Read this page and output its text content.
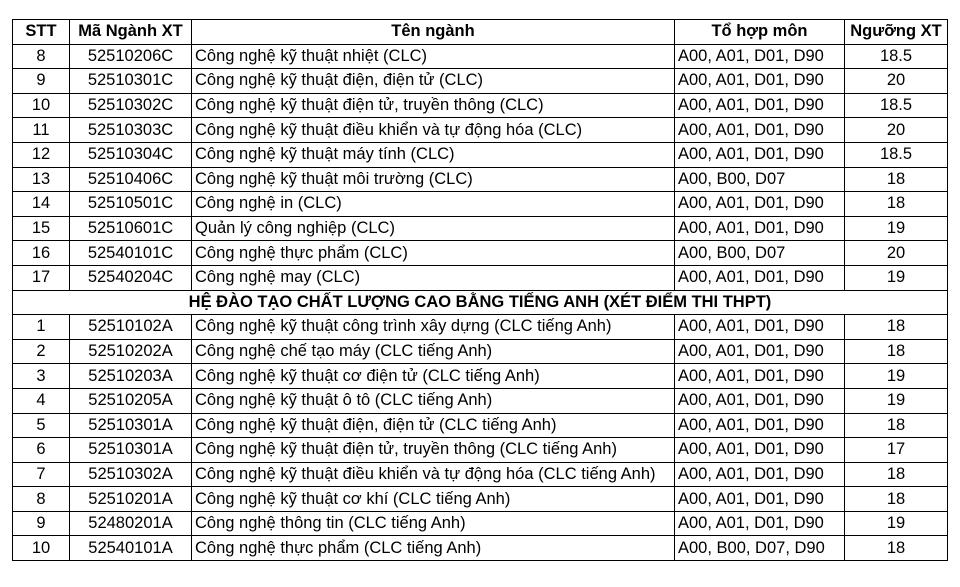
STT	Mã Ngành XT	Tên ngành	Tổ hợp môn	Ngưỡng XT
8	52510206C	Công nghệ kỹ thuật nhiệt (CLC)	A00, A01, D01, D90	18.5
9	52510301C	Công nghệ kỹ thuật điện, điện tử (CLC)	A00, A01, D01, D90	20
10	52510302C	Công nghệ kỹ thuật điện tử, truyền thông (CLC)	A00, A01, D01, D90	18.5
11	52510303C	Công nghệ kỹ thuật điều khiển và tự động hóa (CLC)	A00, A01, D01, D90	20
12	52510304C	Công nghệ kỹ thuật máy tính (CLC)	A00, A01, D01, D90	18.5
13	52510406C	Công nghệ kỹ thuật môi trường (CLC)	A00, B00, D07	18
14	52510501C	Công nghệ in (CLC)	A00, A01, D01, D90	18
15	52510601C	Quản lý công nghiệp (CLC)	A00, A01, D01, D90	19
16	52540101C	Công nghệ thực phẩm (CLC)	A00, B00, D07	20
17	52540204C	Công nghệ may (CLC)	A00, A01, D01, D90	19
HỆ ĐÀO TẠO CHẤT LƯỢNG CAO BẰNG TIẾNG ANH (XÉT ĐIỂM THI THPT)				
1	52510102A	Công nghệ kỹ thuật công trình xây dựng (CLC tiếng Anh)	A00, A01, D01, D90	18
2	52510202A	Công nghệ chế tạo máy (CLC tiếng Anh)	A00, A01, D01, D90	18
3	52510203A	Công nghệ kỹ thuật cơ điện tử (CLC tiếng Anh)	A00, A01, D01, D90	19
4	52510205A	Công nghệ kỹ thuật ô tô (CLC tiếng Anh)	A00, A01, D01, D90	19
5	52510301A	Công nghệ kỹ thuật điện, điện tử (CLC tiếng Anh)	A00, A01, D01, D90	18
6	52510301A	Công nghệ kỹ thuật điện tử, truyền thông (CLC tiếng Anh)	A00, A01, D01, D90	17
7	52510302A	Công nghệ kỹ thuật điều khiển và tự động hóa (CLC tiếng Anh)	A00, A01, D01, D90	18
8	52510201A	Công nghệ kỹ thuật cơ khí (CLC tiếng Anh)	A00, A01, D01, D90	18
9	52480201A	Công nghệ thông tin (CLC tiếng Anh)	A00, A01, D01, D90	19
10	52540101A	Công nghệ thực phẩm (CLC tiếng Anh)	A00, B00, D07, D90	18
